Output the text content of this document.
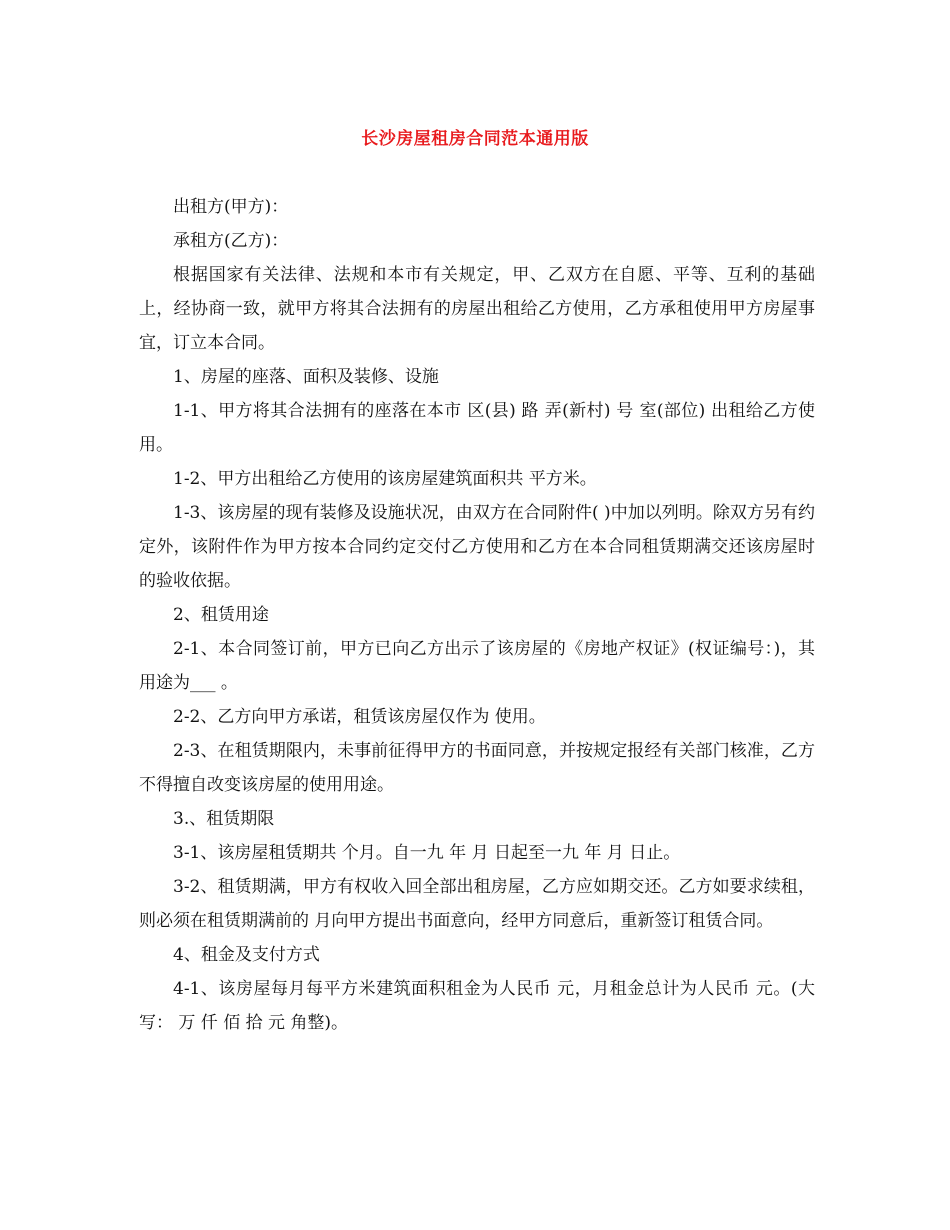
长沙房屋租房合同范本通用版

出租方(甲方)：

承租方(乙方)：

根据国家有关法律、法规和本市有关规定，甲、乙双方在自愿、平等、互利的基础上，经协商一致，就甲方将其合法拥有的房屋出租给乙方使用，乙方承租使用甲方房屋事宜，订立本合同。

1、房屋的座落、面积及装修、设施

1-1、甲方将其合法拥有的座落在本市 区(县) 路 弄(新村) 号 室(部位) 出租给乙方使用。

1-2、甲方出租给乙方使用的该房屋建筑面积共 平方米。

1-3、该房屋的现有装修及设施状况，由双方在合同附件( )中加以列明。除双方另有约定外，该附件作为甲方按本合同约定交付乙方使用和乙方在本合同租赁期满交还该房屋时的验收依据。

2、租赁用途

2-1、本合同签订前，甲方已向乙方出示了该房屋的《房地产权证》(权证编号：)，其用途为___ 。

2-2、乙方向甲方承诺，租赁该房屋仅作为 使用。

2-3、在租赁期限内，未事前征得甲方的书面同意，并按规定报经有关部门核准，乙方不得擅自改变该房屋的使用用途。

3.、租赁期限

3-1、该房屋租赁期共 个月。自一九 年 月 日起至一九 年 月 日止。

3-2、租赁期满，甲方有权收入回全部出租房屋，乙方应如期交还。乙方如要求续租，则必须在租赁期满前的 月向甲方提出书面意向，经甲方同意后，重新签订租赁合同。

4、租金及支付方式

4-1、该房屋每月每平方米建筑面积租金为人民币 元，月租金总计为人民币 元。(大写： 万 仟 佰 拾 元 角整)。
